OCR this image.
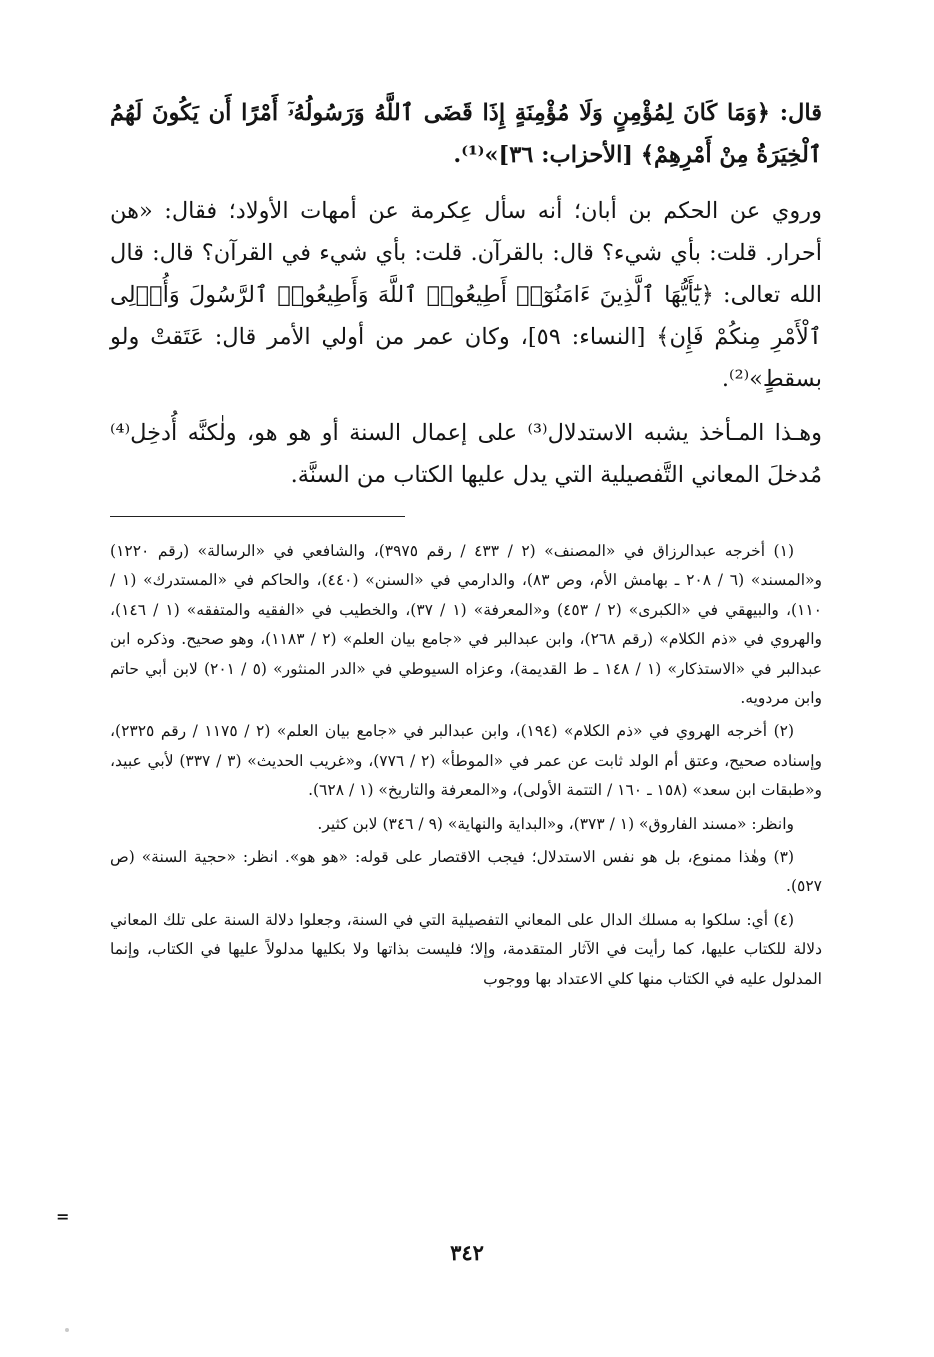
قال: ﴿وَمَا كَانَ لِمُؤْمِنٍ وَلَا مُؤْمِنَةٍ إِذَا قَضَى ٱللَّهُ وَرَسُولُهُۥٓ أَمْرًا أَن يَكُونَ لَهُمُ ٱلْخِيَرَةُ مِنْ أَمْرِهِمْ﴾ [الأحزاب: ٣٦]»⁽¹⁾.

وروي عن الحكم بن أبان؛ أنه سأل عِكرمة عن أمهات الأولاد؛ فقال: «هن أحرار. قلت: بأي شيء؟ قال: بالقرآن. قلت: بأي شيء في القرآن؟ قال: قال الله تعالى: ﴿يَٰٓأَيُّهَا ٱلَّذِينَ ءَامَنُوٓا۟ أَطِيعُوا۟ ٱللَّهَ وَأَطِيعُوا۟ ٱلرَّسُولَ وَأُو۟لِى ٱلْأَمْرِ مِنكُمْ فَإِن﴾ [النساء: ٥٩]، وكان عمر من أولي الأمر قال: عَتَقتْ ولو بسقطٍ»⁽²⁾.

وهـذا المـأخذ يشبه الاستدلال⁽³⁾ على إعمال السنة أو هو هو، ولٰكنَّه أُدخِل⁽⁴⁾ مُدخلَ المعاني التَّفصيلية التي يدل عليها الكتاب من السنَّة.

(١) أخرجه عبدالرزاق في «المصنف» (٢ / ٤٣٣ / رقم ٣٩٧٥)، والشافعي في «الرسالة» (رقم ١٢٢٠) و«المسند» (٦ / ٢٠٨ ـ بهامش الأم، وص ٨٣)، والدارمي في «السنن» (٤٤٠)، والحاكم في «المستدرك» (١ / ١١٠)، والبيهقي في «الكبرى» (٢ / ٤٥٣) و«المعرفة» (١ / ٣٧)، والخطيب في «الفقيه والمتفقه» (١ / ١٤٦)، والهروي في «ذم الكلام» (رقم ٢٦٨)، وابن عبدالبر في «جامع بيان العلم» (٢ / ١١٨٣)، وهو صحيح. وذكره ابن عبدالبر في «الاستذكار» (١ / ١٤٨ ـ ط القديمة)، وعزاه السيوطي في «الدر المنثور» (٥ / ٢٠١) لابن أبي حاتم وابن مردويه.

(٢) أخرجه الهروي في «ذم الكلام» (١٩٤)، وابن عبدالبر في «جامع بيان العلم» (٢ / ١١٧٥ / رقم ٢٣٢٥)، وإسناده صحيح، وعتق أم الولد ثابت عن عمر في «الموطأ» (٢ / ٧٧٦)، و«غريب الحديث» (٣ / ٣٣٧) لأبي عبيد، و«طبقات ابن سعد» (١٥٨ ـ ١٦٠ / التتمة الأولى)، و«المعرفة والتاريخ» (١ / ٦٢٨).

وانظر: «مسند الفاروق» (١ / ٣٧٣)، و«البداية والنهاية» (٩ / ٣٤٦) لابن كثير.

(٣) وهٰذا ممنوع، بل هو نفس الاستدلال؛ فيجب الاقتصار على قوله: «هو هو». انظر: «حجية السنة» (ص ٥٢٧).

(٤) أي: سلكوا به مسلك الدال على المعاني التفصيلية التي في السنة، وجعلوا دلالة السنة على تلك المعاني دلالة للكتاب عليها، كما رأيت في الآثار المتقدمة، وإلا؛ فليست بذاتها ولا بكليها مدلولاً عليها في الكتاب، وإنما المدلول عليه في الكتاب منها كلي الاعتداد بها ووجوب

=
٣٤٢
